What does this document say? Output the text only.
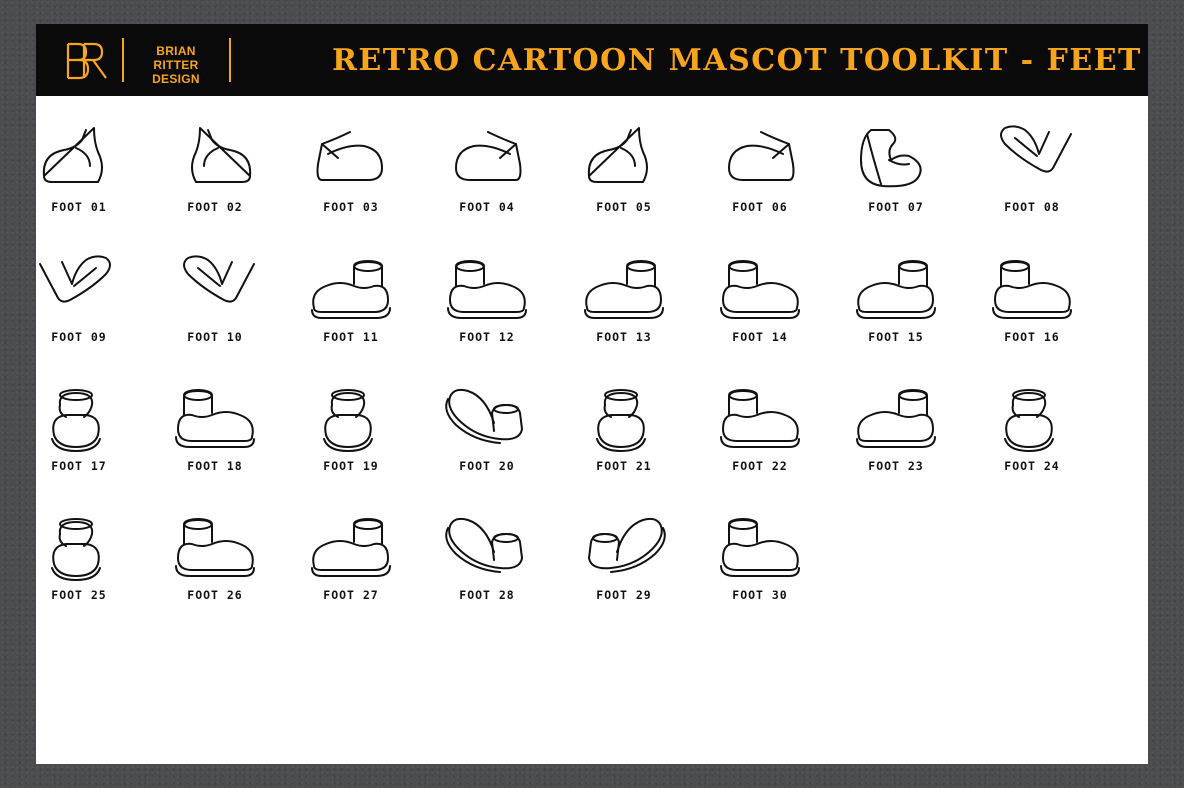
BRIAN RITTER
DESIGN
RETRO CARTOON MASCOT TOOLKIT - FEET
FOOT 01	FOOT 02	FOOT 03	FOOT 04	FOOT 05	FOOT 06	FOOT 07	FOOT 08
FOOT 09	FOOT 10	FOOT 11	FOOT 12	FOOT 13	FOOT 14	FOOT 15	FOOT 16
FOOT 17	FOOT 18	FOOT 19	FOOT 20	FOOT 21	FOOT 22	FOOT 23	FOOT 24
FOOT 25	FOOT 26	FOOT 27	FOOT 28	FOOT 29	FOOT 30
